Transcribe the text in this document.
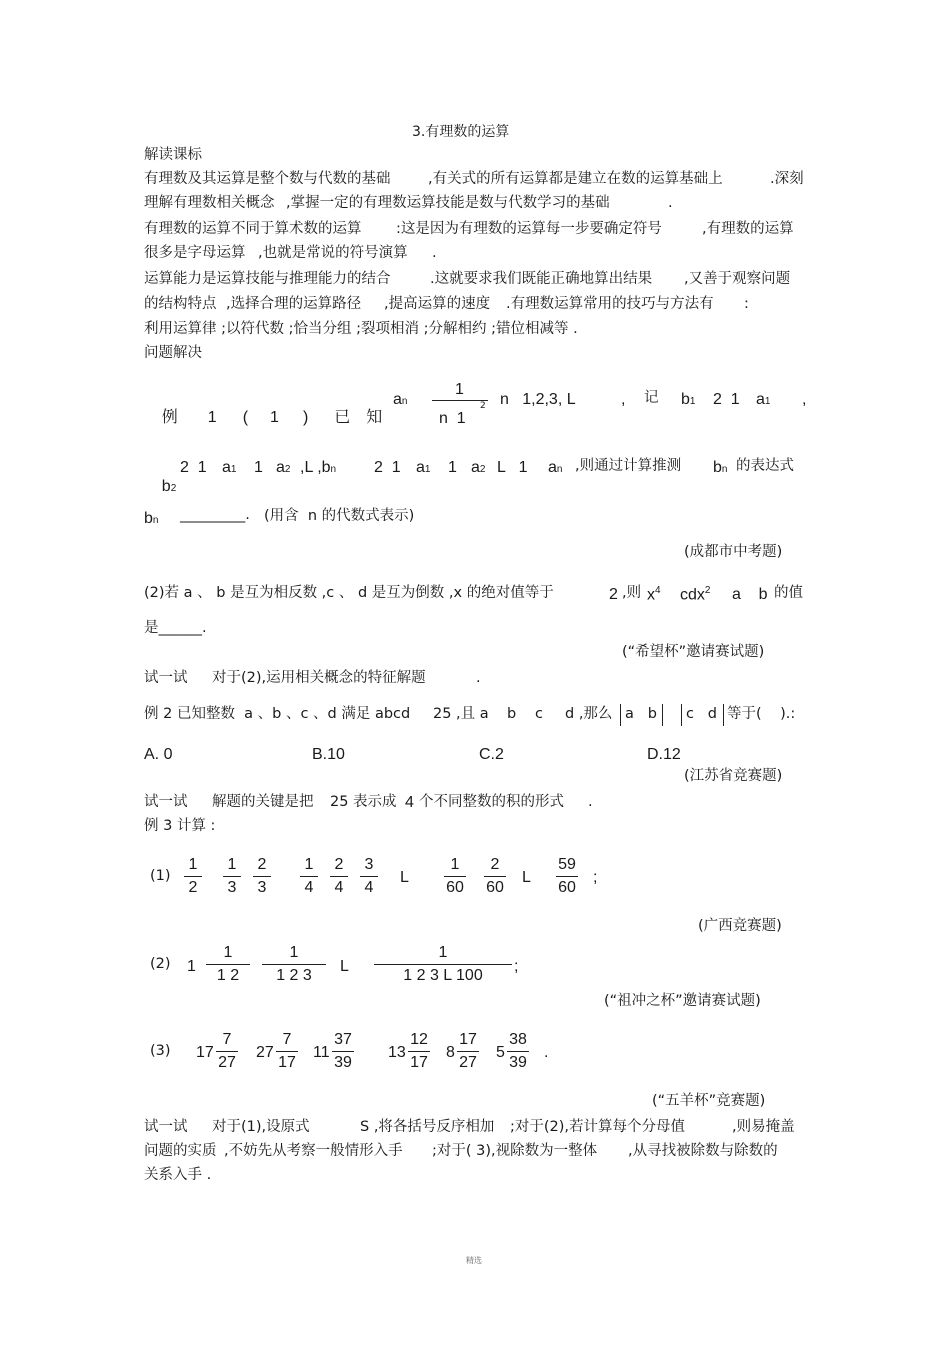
3.有理数的运算
解读课标
有理数及其运算是整个数与代数的基础	,有关式的所有运算都是建立在数的运算基础上	.深刻
理解有理数相关概念 ,掌握一定的有理数运算技能是数与代数学习的基础	.
有理数的运算不同于算术数的运算 :这是因为有理数的运算每一步要确定符号	,有理数的运算
很多是字母运算 ,也就是常说的符号演算 .
运算能力是运算技能与推理能力的结合	.这就要求我们既能正确地算出结果 ,又善于观察问题
的结构特点 ,选择合理的运算路径 ,提高运算的速度 .有理数运算常用的技巧与方法有 :
利用运算律 ;以符代数 ;恰当分组 ;裂项相消 ;分解相约 ;错位相减等 .
问题解决

例 1 ( 1 ) 已 知

an
1
n  1
2 n   1,2,3, L	, 记 b1 2  1 a1 ,

b2

2  1 a1 1 a2 ,L ,bn 2  1 a1 1 a2 L   1 an ,则通过计算推测 bn 的表达式
bn _________. (用含  n 的代数式表示)
(成都市中考题)
(2)若 a 、 b 是互为相反数 ,c 、 d 是互为倒数 ,x 的绝对值等于	2 ,则 $x^4$ cdx$^2$ a    b 的值
是______.
(“希望杯”邀请赛试题)
试一试 对于(2),运用相关概念的特征解题	.
例 2 已知整数  a 、b 、c 、d 满足 abcd 25 ,且 a b c d ,那么 a   b c   d 等于(    ).:
A. 0	B.10	C.2	D.12
(江苏省竞赛题)
试一试 解题的关键是把 25 表示成 4 个不同整数的积的形式 .
例 3 计算 :
(1)
1
2
1
3
2
3
1
4
2
4
3
4
L
1
60
2
60
L
59
60
;
(广西竞赛题)
(2) 1
1
1 2
1
1 2 3
L
1
1 2 3 L 100
;
(“祖冲之杯”邀请赛试题)
(3) 17
7
27
27
7
17
11
37
39
13
12
17
8
17
27
5
38
39
.
(“五羊杯”竞赛题)
试一试 对于(1),设原式	S ,将各括号反序相加 ;对于(2),若计算每个分母值	,则易掩盖
问题的实质 ,不妨先从考察一般情形入手 ;对于( 3),视除数为一整体 ,从寻找被除数与除数的
关系入手 .
精选
